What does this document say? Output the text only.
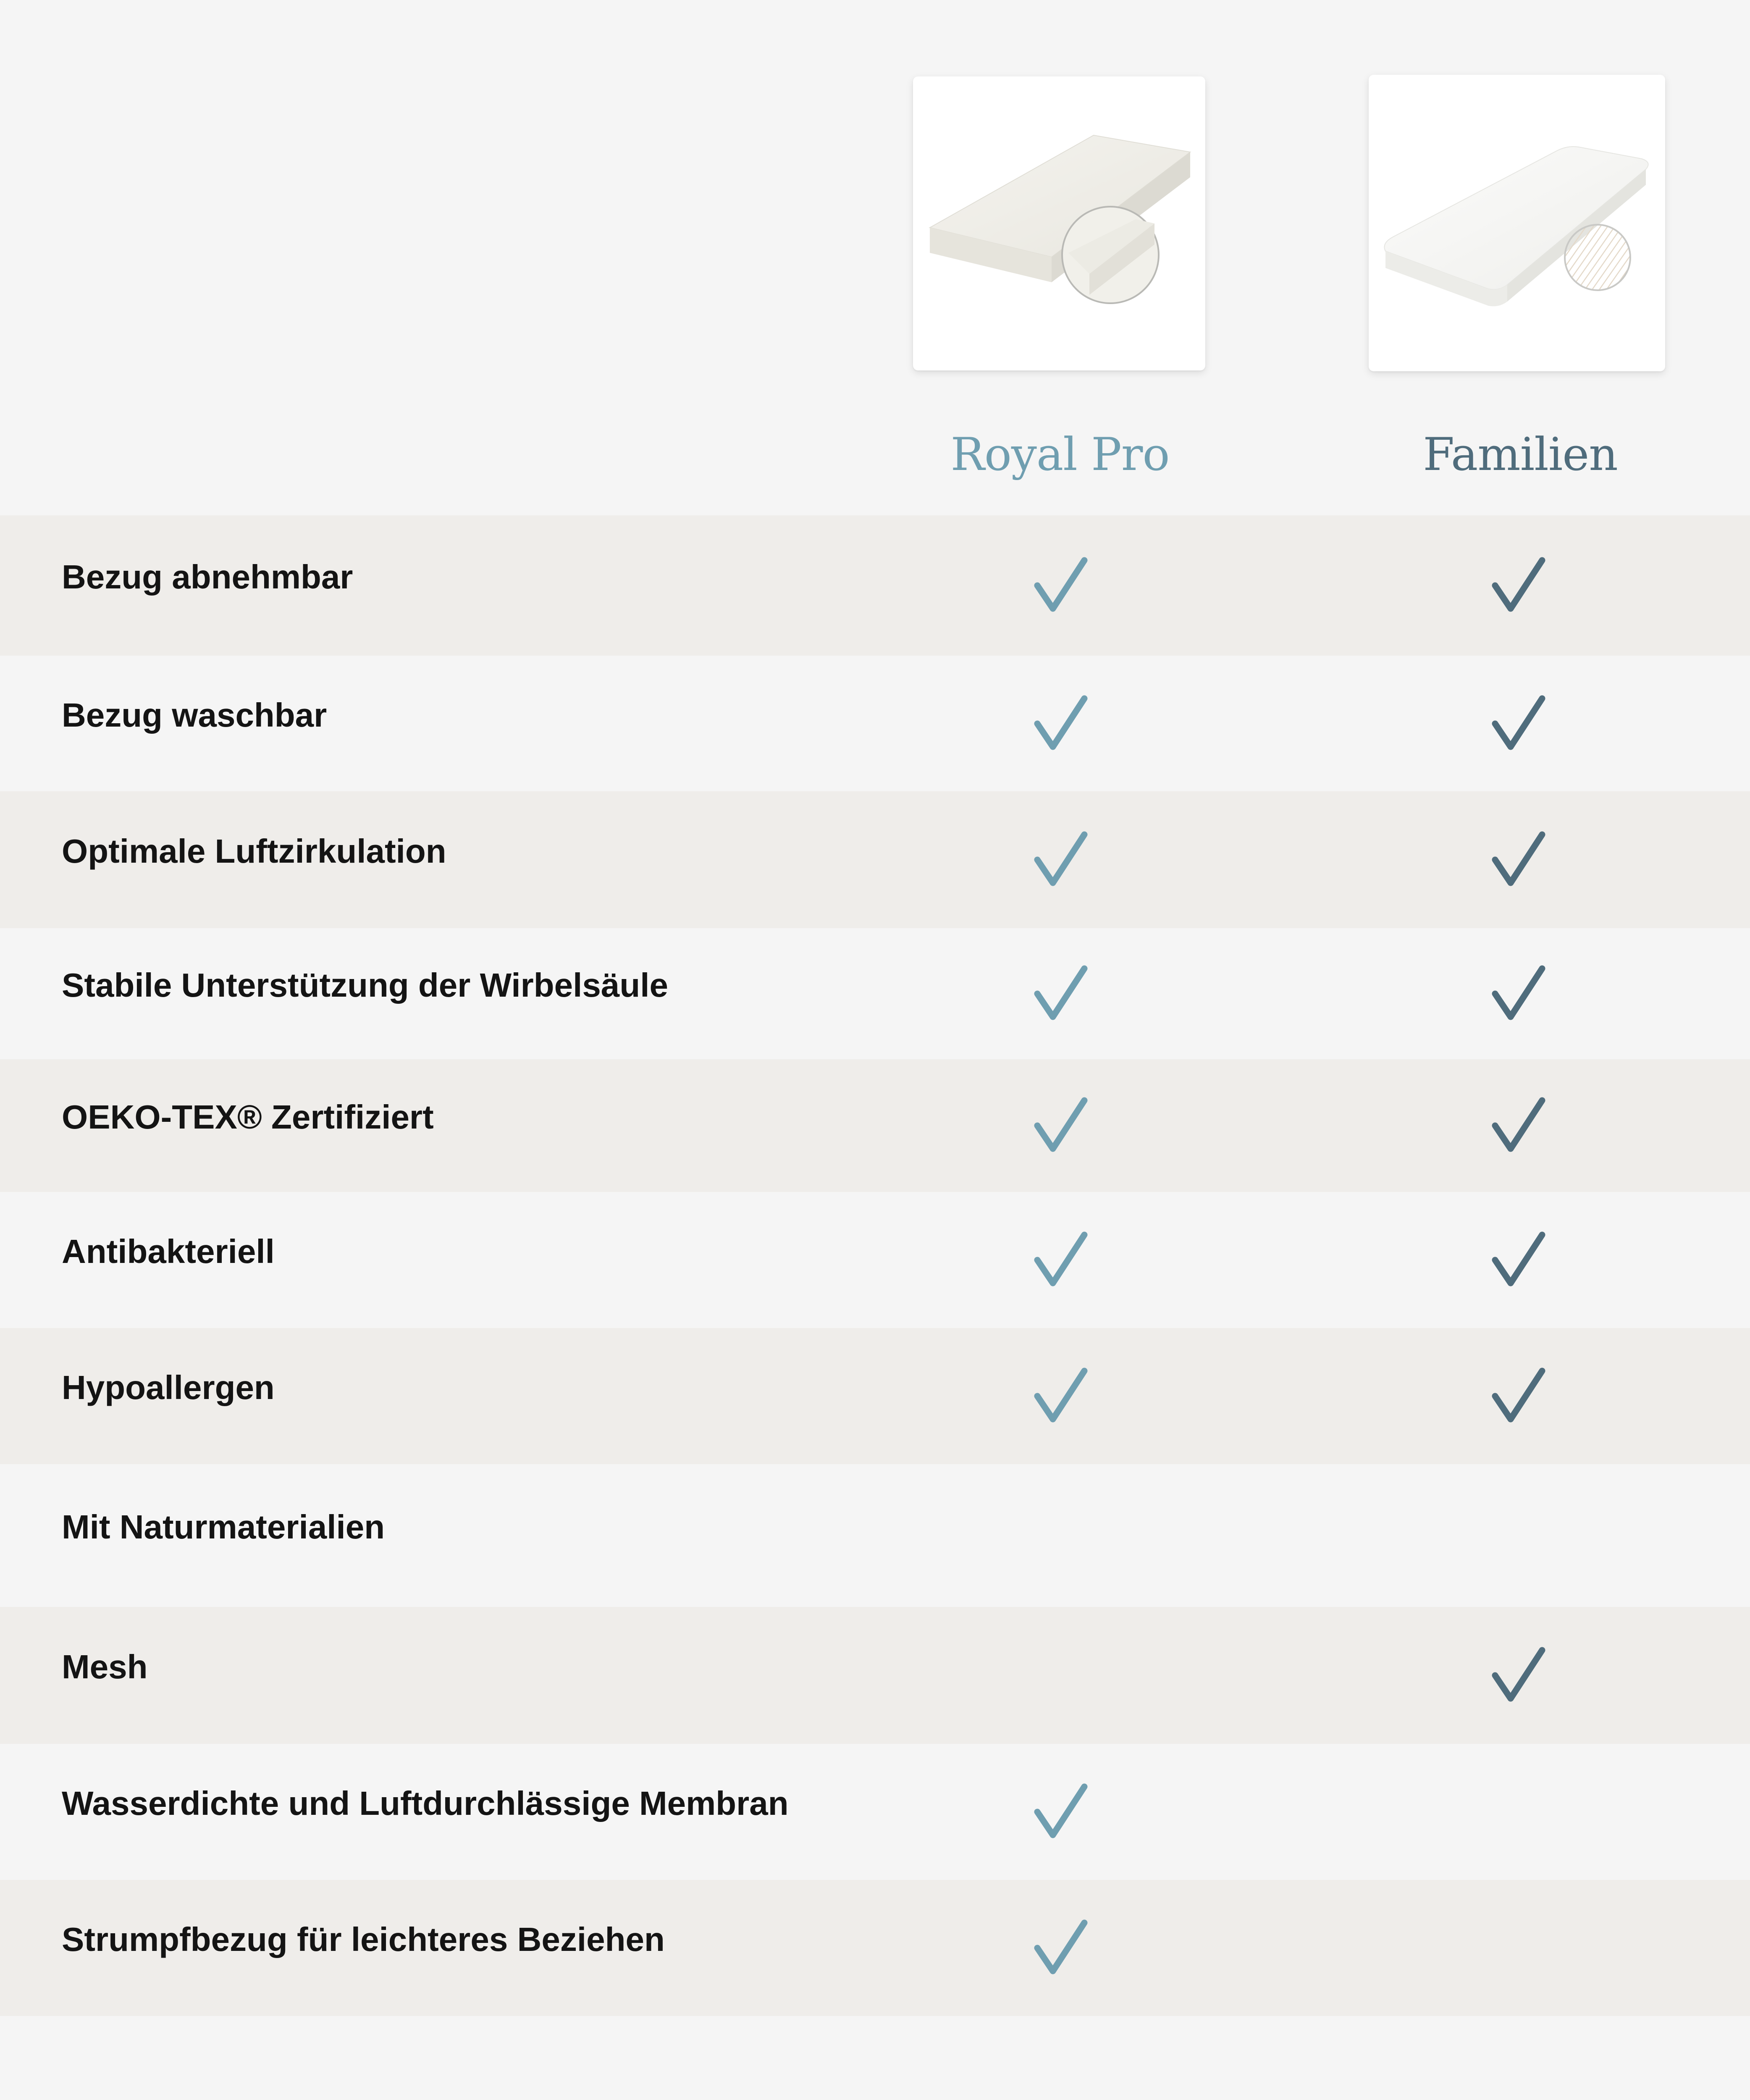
Royal Pro	Familien
Bezug abnehmbar
Bezug waschbar
Optimale Luftzirkulation
Stabile Unterstützung der Wirbelsäule
OEKO-TEX® Zertifiziert
Antibakteriell
Hypoallergen
Mit Naturmaterialien
Mesh
Wasserdichte und Luftdurchlässige Membran
Strumpfbezug für leichteres Beziehen
